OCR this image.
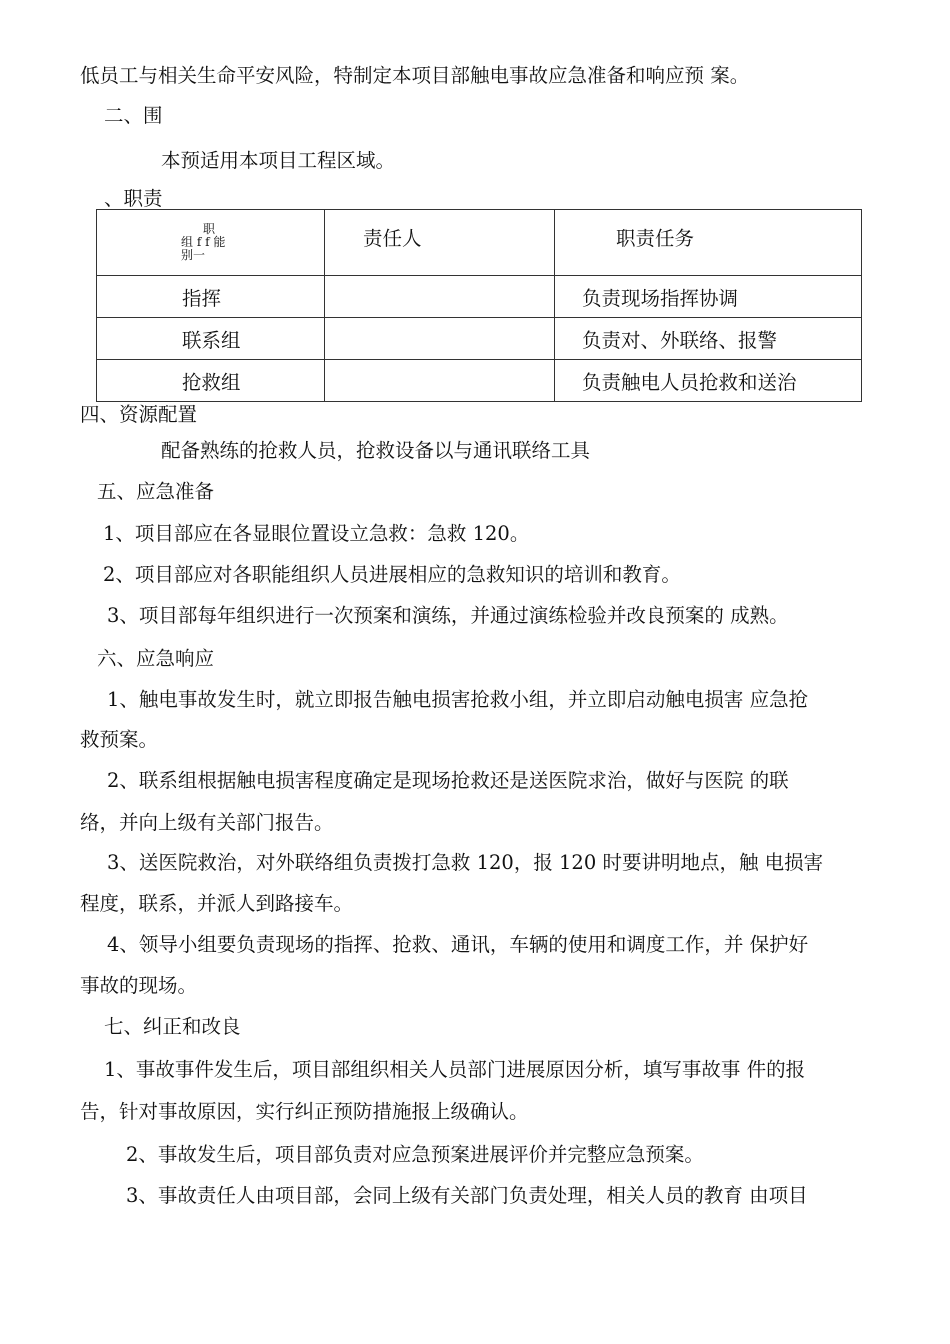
低员工与相关生命平安风险，特制定本项目部触电事故应急准备和响应预 案。
二、围
本预适用本项目工程区域。
、职责
职
组 f f 能
别一	责任人	职责任务
指挥		负责现场指挥协调
联系组		负责对、外联络、报警
抢救组		负责触电人员抢救和送治
四、资源配置
配备熟练的抢救人员，抢救设备以与通讯联络工具
五、应急准备
1、项目部应在各显眼位置设立急救：急救 120。
2、项目部应对各职能组织人员进展相应的急救知识的培训和教育。
3、项目部每年组织进行一次预案和演练，并通过演练检验并改良预案的 成熟。
六、应急响应
1、触电事故发生时，就立即报告触电损害抢救小组，并立即启动触电损害 应急抢
救预案。
2、联系组根据触电损害程度确定是现场抢救还是送医院求治，做好与医院 的联
络，并向上级有关部门报告。
3、送医院救治，对外联络组负责拨打急救 120，报 120 时要讲明地点，触 电损害
程度，联系，并派人到路接车。
4、领导小组要负责现场的指挥、抢救、通讯，车辆的使用和调度工作，并 保护好
事故的现场。
七、纠正和改良
1、事故事件发生后，项目部组织相关人员部门进展原因分析，填写事故事 件的报
告，针对事故原因，实行纠正预防措施报上级确认。
2、事故发生后，项目部负责对应急预案进展评价并完整应急预案。
3、事故责任人由项目部，会同上级有关部门负责处理，相关人员的教育 由项目
